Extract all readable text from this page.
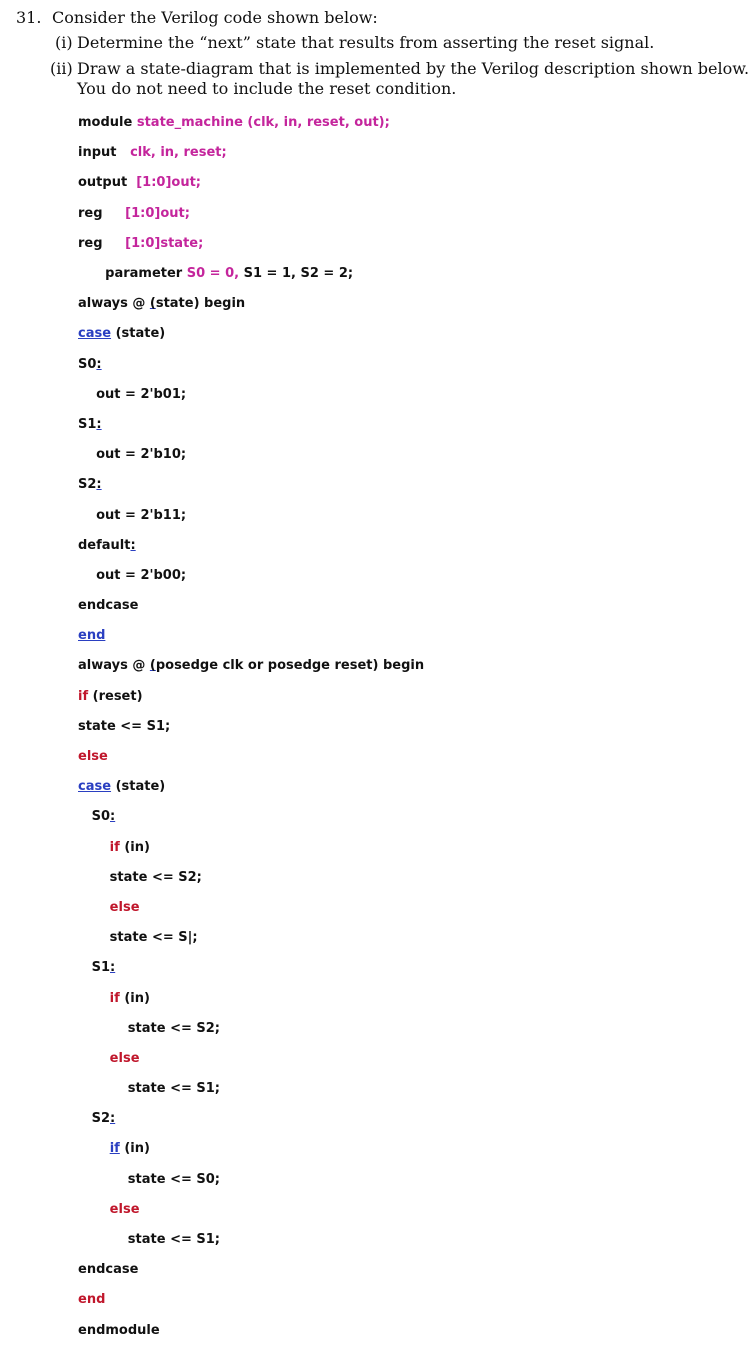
31. Consider the Verilog code shown below:
(i) Determine the “next” state that results from asserting the reset signal.
(ii) Draw a state-diagram that is implemented by the Verilog description shown below.
You do not need to include the reset condition.

module state_machine (clk, in, reset, out);

input   clk, in, reset;

output  [1:0]out;

reg     [1:0]out;

reg     [1:0]state;

parameter S0 = 0, S1 = 1, S2 = 2;

always @ (state) begin

case (state)

S0:

out = 2'b01;

S1:

out = 2'b10;

S2:

out = 2'b11;

default:

out = 2'b00;

endcase

end

always @ (posedge clk or posedge reset) begin

if (reset)

state <= S1;

else

case (state)

S0:

if (in)

state <= S2;

else

state <= S|;

S1:

if (in)

state <= S2;

else

state <= S1;

S2:

if (in)

state <= S0;

else

state <= S1;

endcase

end

endmodule
